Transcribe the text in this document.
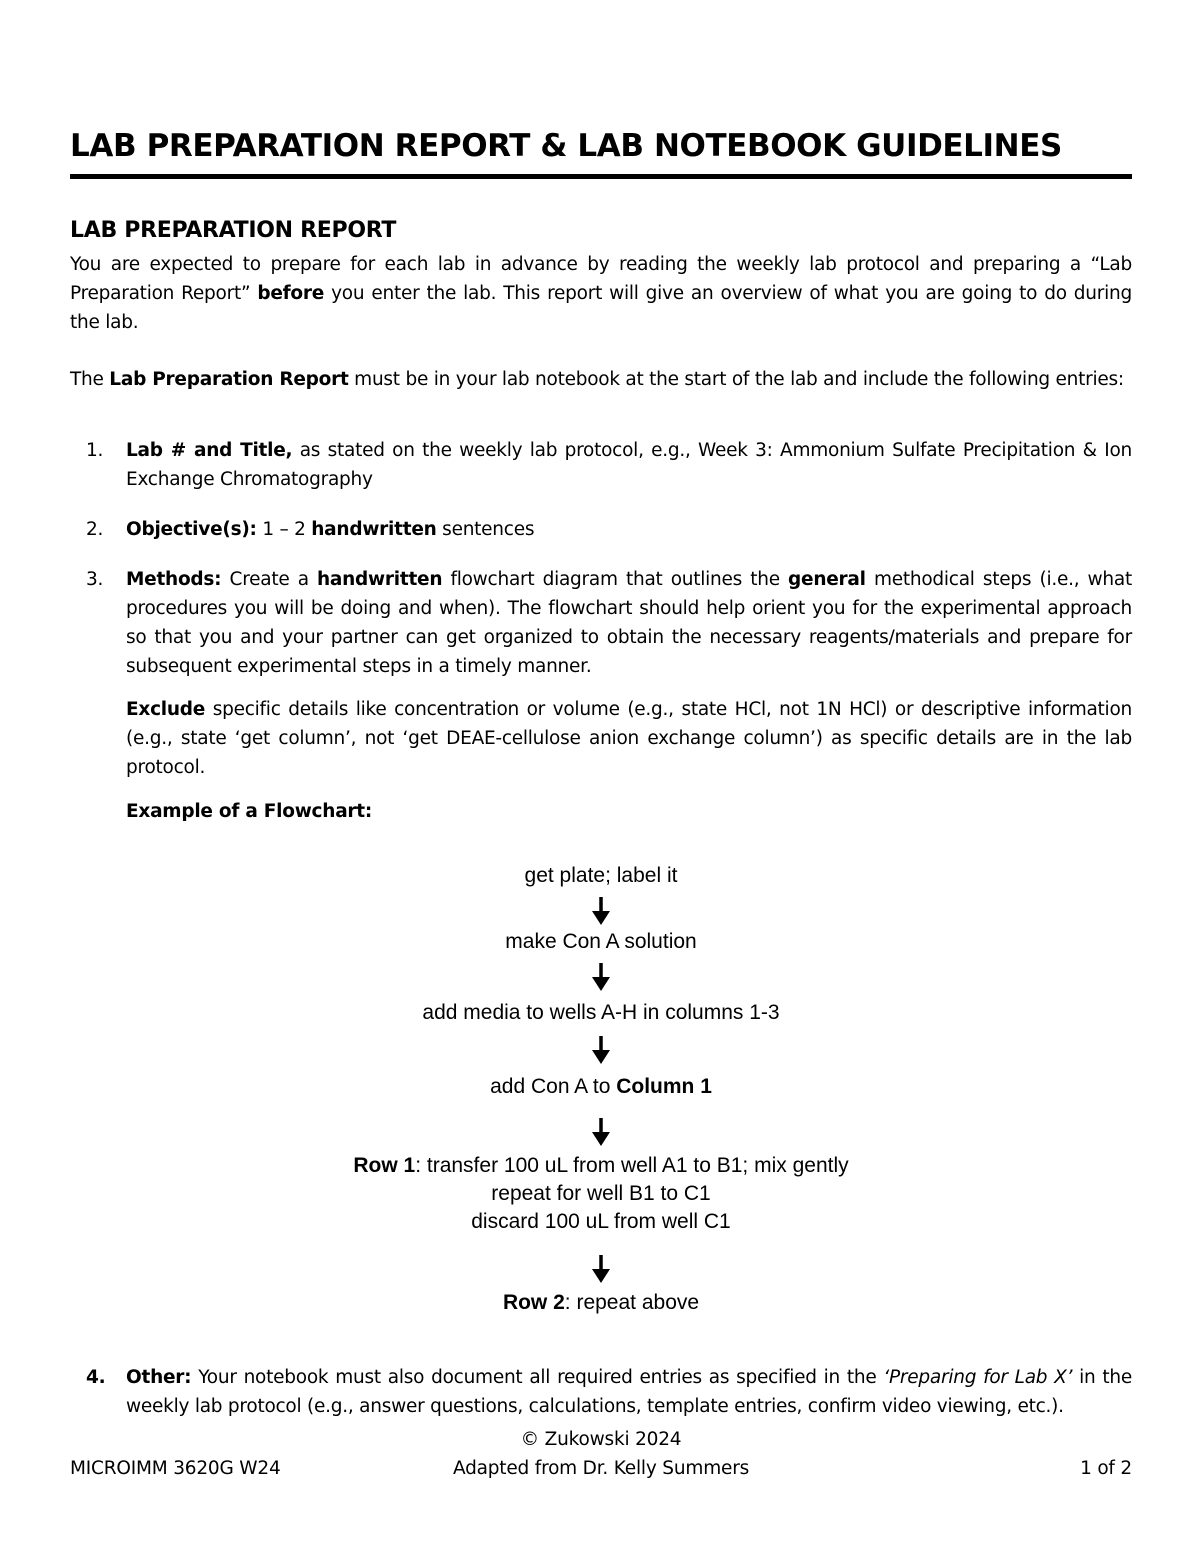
LAB PREPARATION REPORT & LAB NOTEBOOK GUIDELINES
LAB PREPARATION REPORT
You are expected to prepare for each lab in advance by reading the weekly lab protocol and preparing a “Lab Preparation Report” before you enter the lab. This report will give an overview of what you are going to do during the lab.
The Lab Preparation Report must be in your lab notebook at the start of the lab and include the following entries:
1. Lab # and Title, as stated on the weekly lab protocol, e.g., Week 3: Ammonium Sulfate Precipitation & Ion Exchange Chromatography
2. Objective(s): 1 – 2 handwritten sentences
3. Methods: Create a handwritten flowchart diagram that outlines the general methodical steps (i.e., what procedures you will be doing and when). The flowchart should help orient you for the experimental approach so that you and your partner can get organized to obtain the necessary reagents/materials and prepare for subsequent experimental steps in a timely manner.
Exclude specific details like concentration or volume (e.g., state HCl, not 1N HCl) or descriptive information (e.g., state ‘get column’, not ‘get DEAE-cellulose anion exchange column’) as specific details are in the lab protocol.
Example of a Flowchart:
get plate; label it
make Con A solution
add media to wells A-H in columns 1-3
add Con A to Column 1
Row 1: transfer 100 uL from well A1 to B1; mix gently
repeat for well B1 to C1
discard 100 uL from well C1
Row 2: repeat above
4. Other: Your notebook must also document all required entries as specified in the ‘Preparing for Lab X’ in the weekly lab protocol (e.g., answer questions, calculations, template entries, confirm video viewing, etc.).
© Zukowski 2024
MICROIMM 3620G W24	Adapted from Dr. Kelly Summers	1 of 2
